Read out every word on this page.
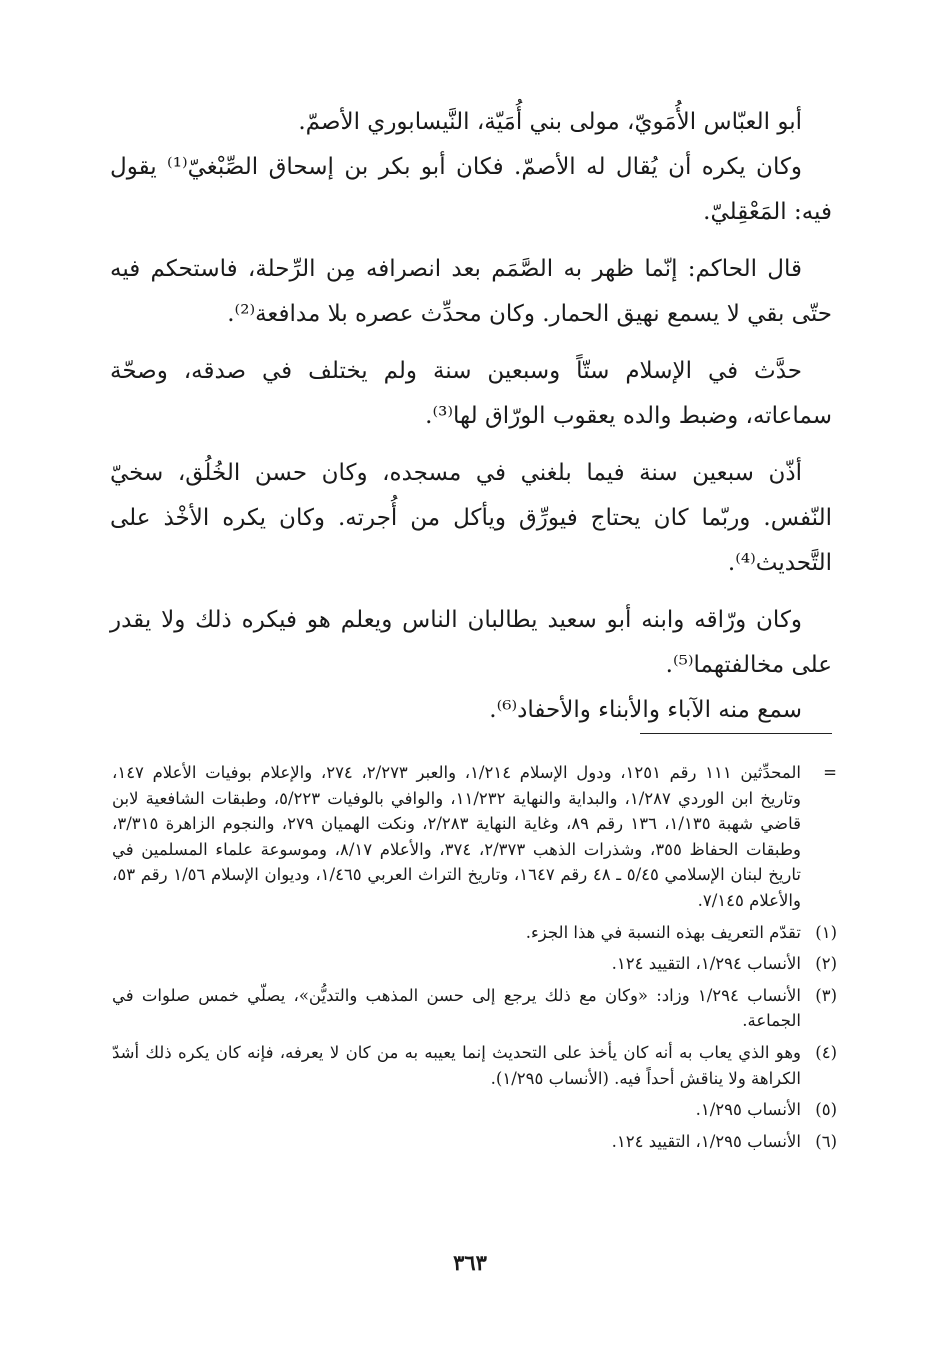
أبو العبّاس الأُمَويّ، مولى بني أُمَيّة، النَّيسابوري الأصمّ.

وكان يكره أن يُقال له الأصمّ. فكان أبو بكر بن إسحاق الصِّبْغيّ⁽¹⁾ يقول فيه: المَعْقِليّ.

قال الحاكم: إنّما ظهر به الصَّمَم بعد انصرافه مِن الرِّحلة، فاستحكم فيه حتّى بقي لا يسمع نهيق الحمار. وكان محدِّث عصره بلا مدافعة⁽²⁾.

حدَّث في الإسلام ستّاً وسبعين سنة ولم يختلف في صدقه، وصحّة سماعاته، وضبط والده يعقوب الورّاق لها⁽³⁾.

أذّن سبعين سنة فيما بلغني في مسجده، وكان حسن الخُلُق، سخيّ النّفس. وربّما كان يحتاج فيورِّق ويأكل من أُجرته. وكان يكره الأخْذ على التَّحديث⁽⁴⁾.

وكان ورّاقه وابنه أبو سعيد يطالبان الناس ويعلم هو فيكره ذلك ولا يقدر على مخالفتهما⁽⁵⁾.

سمع منه الآباء والأبناء والأحفاد⁽⁶⁾.

=
المحدِّثين ١١١ رقم ١٢٥١، ودول الإسلام ١/٢١٤، والعبر ٢/٢٧٣، ٢٧٤، والإعلام بوفيات الأعلام ١٤٧، وتاريخ ابن الوردي ١/٢٨٧، والبداية والنهاية ١١/٢٣٢، والوافي بالوفيات ٥/٢٢٣، وطبقات الشافعية لابن قاضي شهبة ١/١٣٥، ١٣٦ رقم ٨٩، وغاية النهاية ٢/٢٨٣، ونكت الهميان ٢٧٩، والنجوم الزاهرة ٣/٣١٥، وطبقات الحفاظ ٣٥٥، وشذرات الذهب ٢/٣٧٣، ٣٧٤، والأعلام ٨/١٧، وموسوعة علماء المسلمين في تاريخ لبنان الإسلامي ٥/٤٥ ـ ٤٨ رقم ١٦٤٧، وتاريخ التراث العربي ١/٤٦٥، وديوان الإسلام ١/٥٦ رقم ٥٣، والأعلام ٧/١٤٥.
(١)
تقدّم التعريف بهذه النسبة في هذا الجزء.
(٢)
الأنساب ١/٢٩٤، التقييد ١٢٤.
(٣)
الأنساب ١/٢٩٤ وزاد: «وكان مع ذلك يرجع إلى حسن المذهب والتديُّن»، يصلّي خمس صلوات في الجماعة.
(٤)
وهو الذي يعاب به أنه كان يأخذ على التحديث إنما يعيبه به من كان لا يعرفه، فإنه كان يكره ذلك أشدّ الكراهة ولا يناقش أحداً فيه. (الأنساب ١/٢٩٥).
(٥)
الأنساب ١/٢٩٥.
(٦)
الأنساب ١/٢٩٥، التقييد ١٢٤.
٣٦٣
